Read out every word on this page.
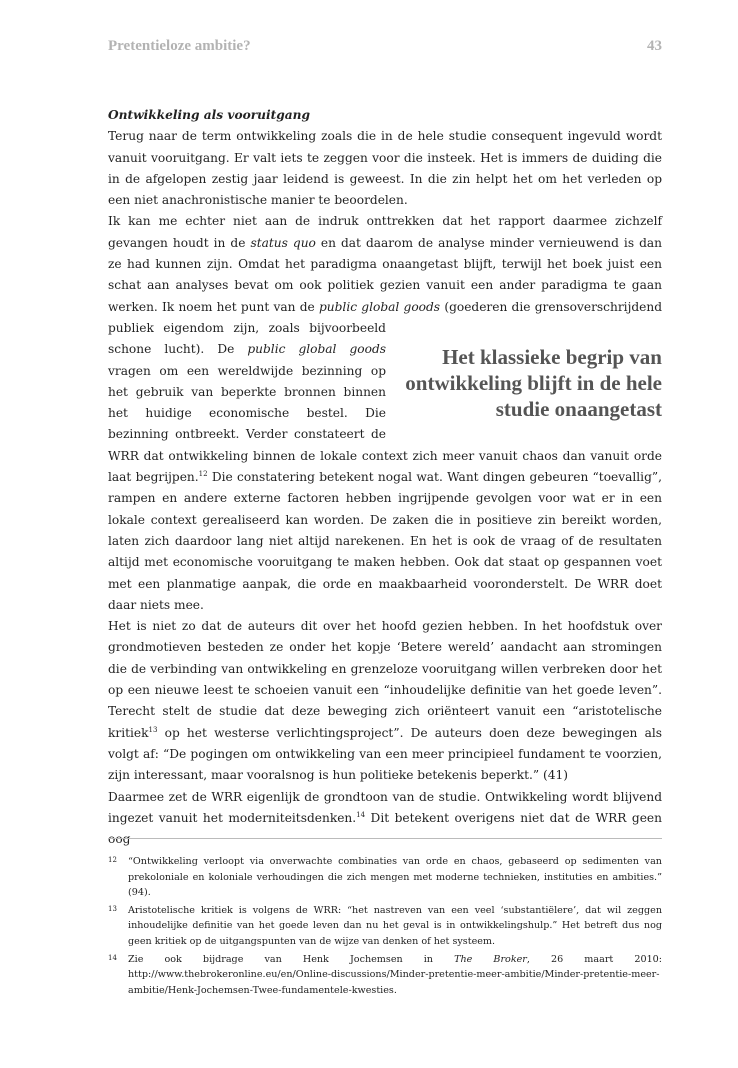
Pretentieloze ambitie?	43

Ontwikkeling als vooruitgang

Terug naar de term ontwikkeling zoals die in de hele studie consequent ingevuld wordt vanuit vooruitgang. Er valt iets te zeggen voor die insteek. Het is immers de duiding die in de afgelopen zestig jaar leidend is geweest. In die zin helpt het om het verleden op een niet anachronistische manier te beoordelen.

Ik kan me echter niet aan de indruk onttrekken dat het rapport daarmee zichzelf gevangen houdt in de status quo en dat daarom de analyse minder vernieuwend is dan ze had kunnen zijn. Omdat het paradigma onaangetast blijft, terwijl het boek juist een schat aan analyses bevat om ook politiek gezien vanuit een ander paradigma te gaan werken. Ik noem het punt van de public global goods
Het klassieke begrip van ontwikkeling blijft in de hele studie onaangetast
(goederen die grensoverschrijdend publiek eigendom zijn, zoals bijvoorbeeld schone lucht). De public global goods vragen om een wereldwijde bezinning op het gebruik van beperkte bronnen binnen het huidige economische bestel. Die bezinning ontbreekt. Verder constateert de WRR dat ontwikkeling binnen de lokale context zich meer vanuit chaos dan vanuit orde laat begrijpen.$^{12}$ Die constatering betekent nogal wat. Want dingen gebeuren “toevallig”, rampen en andere externe factoren hebben ingrijpende gevolgen voor wat er in een lokale context gerealiseerd kan worden. De zaken die in positieve zin bereikt worden, laten zich daardoor lang niet altijd narekenen. En het is ook de vraag of de resultaten altijd met economische vooruitgang te maken hebben. Ook dat staat op gespannen voet met een planmatige aanpak, die orde en maakbaarheid vooronderstelt. De WRR doet daar niets mee.

Het is niet zo dat de auteurs dit over het hoofd gezien hebben. In het hoofdstuk over grondmotieven besteden ze onder het kopje ‘Betere wereld’ aandacht aan stromingen die de verbinding van ontwikkeling en grenzeloze vooruitgang willen verbreken door het op een nieuwe leest te schoeien vanuit een “inhoudelijke definitie van het goede leven”. Terecht stelt de studie dat deze beweging zich oriënteert vanuit een “aristotelische kritiek$^{13}$ op het westerse verlichtingsproject”. De auteurs doen deze bewegingen als volgt af: “De pogingen om ontwikkeling van een meer principieel fundament te voorzien, zijn interessant, maar vooralsnog is hun politieke betekenis beperkt.” (41)

Daarmee zet de WRR eigenlijk de grondtoon van de studie. Ontwikkeling wordt blijvend ingezet vanuit het moderniteitsdenken.$^{14}$ Dit betekent overigens niet dat de WRR geen oog

12 “Ontwikkeling verloopt via onverwachte combinaties van orde en chaos, gebaseerd op sedimenten van prekoloniale en koloniale verhoudingen die zich mengen met moderne technieken, instituties en ambities.” (94).
13 Aristotelische kritiek is volgens de WRR: “het nastreven van een veel ‘substantiëlere’, dat wil zeggen inhoudelijke definitie van het goede leven dan nu het geval is in ontwikkelingshulp.” Het betreft dus nog geen kritiek op de uitgangspunten van de wijze van denken of het systeem.
14 Zie ook bijdrage van Henk Jochemsen in The Broker, 26 maart 2010: http://www.thebrokeronline.eu/en/Online-discussions/Minder-pretentie-meer-ambitie/Minder-pretentie-meer-ambitie/Henk-Jochemsen-Twee-fundamentele-kwesties.
